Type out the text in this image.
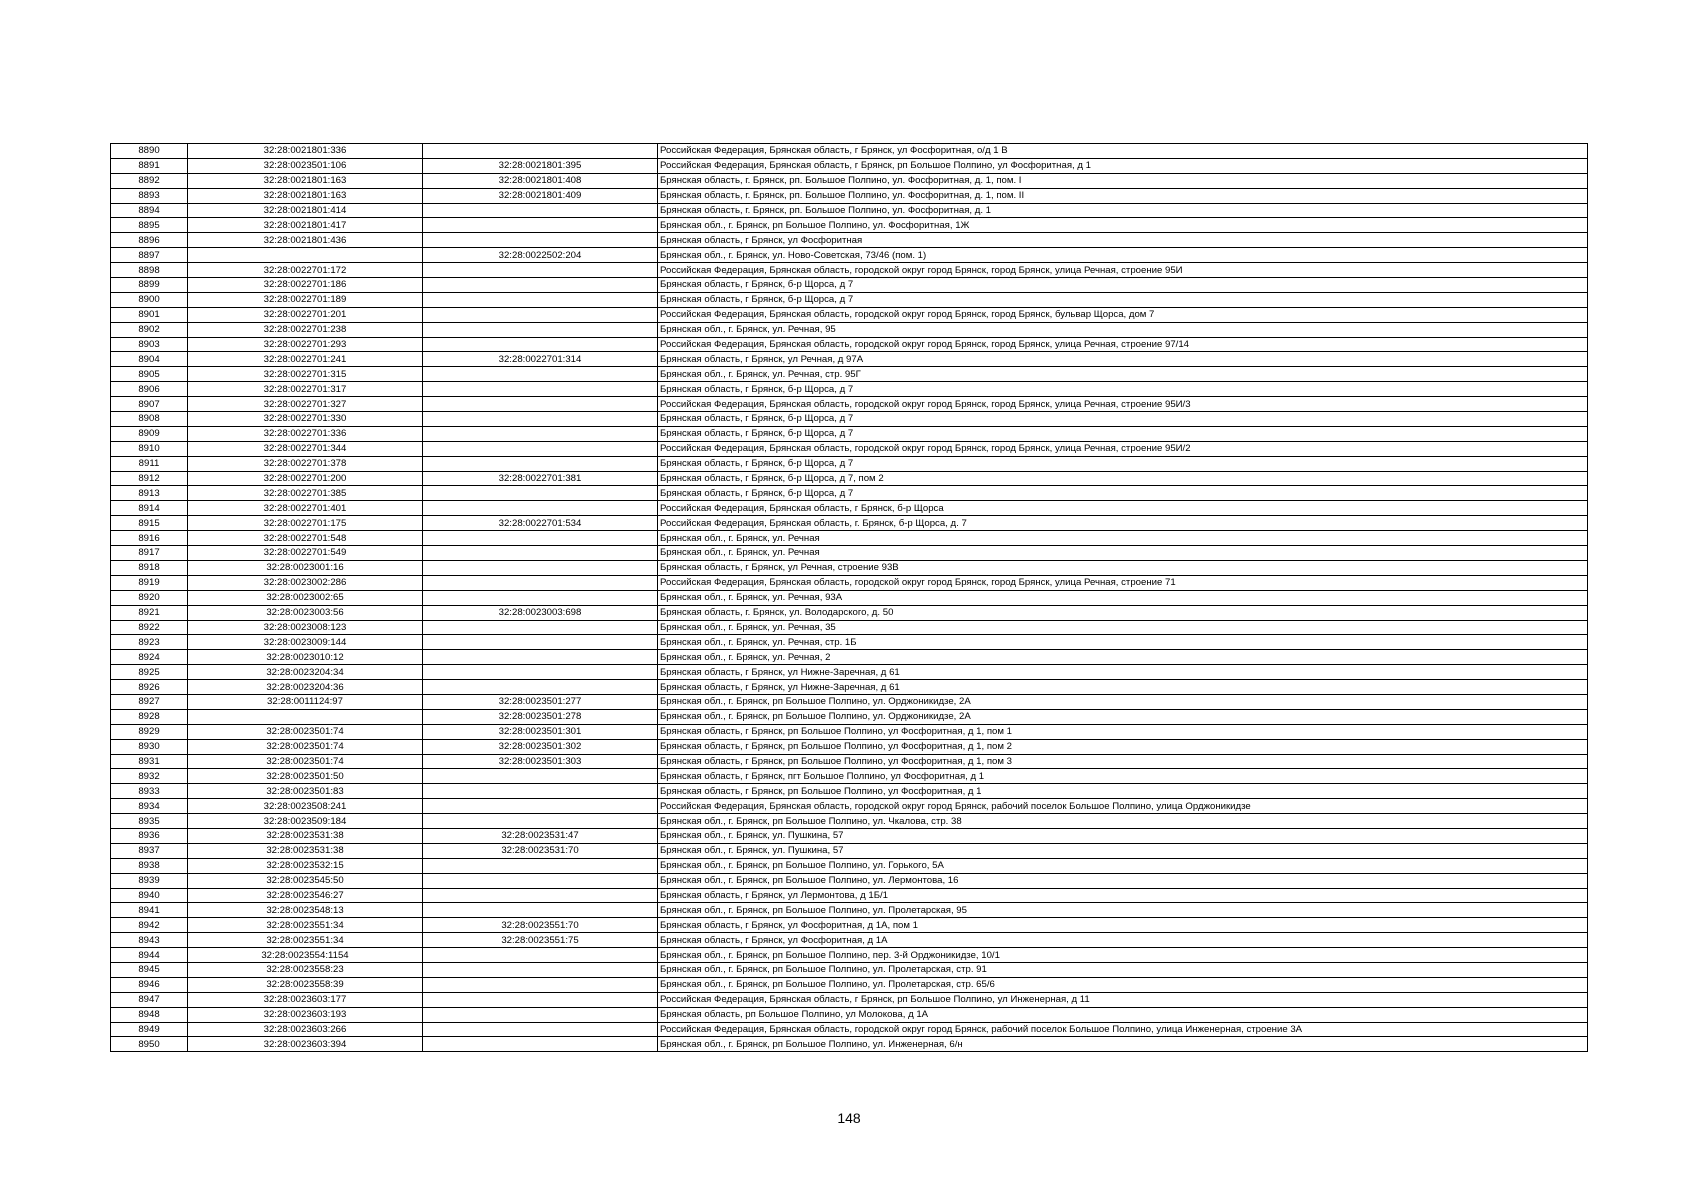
8890	32:28:0021801:336		Российская Федерация, Брянская область, г Брянск, ул Фосфоритная, о/д 1 В
8891	32:28:0023501:106	32:28:0021801:395	Российская Федерация, Брянская область, г Брянск, рп Большое Полпино, ул Фосфоритная, д 1
8892	32:28:0021801:163	32:28:0021801:408	Брянская область, г. Брянск, рп. Большое Полпино, ул. Фосфоритная, д. 1, пом. I
8893	32:28:0021801:163	32:28:0021801:409	Брянская область, г. Брянск, рп. Большое Полпино, ул. Фосфоритная, д. 1, пом. II
8894	32:28:0021801:414		Брянская область, г. Брянск, рп. Большое Полпино, ул. Фосфоритная, д. 1
8895	32:28:0021801:417		Брянская обл., г. Брянск, рп Большое Полпино, ул. Фосфоритная, 1Ж
8896	32:28:0021801:436		Брянская область, г Брянск, ул Фосфоритная
8897		32:28:0022502:204	Брянская обл., г. Брянск, ул. Ново-Советская, 73/46 (пом. 1)
8898	32:28:0022701:172		Российская Федерация, Брянская область, городской округ город Брянск, город Брянск, улица Речная, строение 95И
8899	32:28:0022701:186		Брянская область, г Брянск, б-р Щорса, д 7
8900	32:28:0022701:189		Брянская область, г Брянск, б-р Щорса, д 7
8901	32:28:0022701:201		Российская Федерация, Брянская область, городской округ город Брянск, город Брянск, бульвар Щорса, дом 7
8902	32:28:0022701:238		Брянская обл., г. Брянск, ул. Речная, 95
8903	32:28:0022701:293		Российская Федерация, Брянская область, городской округ город Брянск, город Брянск, улица Речная, строение 97/14
8904	32:28:0022701:241	32:28:0022701:314	Брянская область, г Брянск, ул Речная, д 97А
8905	32:28:0022701:315		Брянская обл., г. Брянск, ул. Речная, стр. 95Г
8906	32:28:0022701:317		Брянская область, г Брянск, б-р Щорса, д 7
8907	32:28:0022701:327		Российская Федерация, Брянская область, городской округ город Брянск, город Брянск, улица Речная, строение 95И/3
8908	32:28:0022701:330		Брянская область, г Брянск, б-р Щорса, д 7
8909	32:28:0022701:336		Брянская область, г Брянск, б-р Щорса, д 7
8910	32:28:0022701:344		Российская Федерация, Брянская область, городской округ город Брянск, город Брянск, улица Речная, строение 95И/2
8911	32:28:0022701:378		Брянская область, г Брянск, б-р Щорса, д 7
8912	32:28:0022701:200	32:28:0022701:381	Брянская область, г Брянск, б-р Щорса, д 7, пом 2
8913	32:28:0022701:385		Брянская область, г Брянск, б-р Щорса, д 7
8914	32:28:0022701:401		Российская Федерация, Брянская область, г Брянск, б-р Щорса
8915	32:28:0022701:175	32:28:0022701:534	Российская Федерация, Брянская область, г. Брянск, б-р Щорса, д. 7
8916	32:28:0022701:548		Брянская обл., г. Брянск, ул. Речная
8917	32:28:0022701:549		Брянская обл., г. Брянск, ул. Речная
8918	32:28:0023001:16		Брянская область, г Брянск, ул Речная, строение 93В
8919	32:28:0023002:286		Российская Федерация, Брянская область, городской округ город Брянск, город Брянск, улица Речная, строение 71
8920	32:28:0023002:65		Брянская обл., г. Брянск, ул. Речная, 93А
8921	32:28:0023003:56	32:28:0023003:698	Брянская область, г. Брянск, ул. Володарского, д. 50
8922	32:28:0023008:123		Брянская обл., г. Брянск, ул. Речная, 35
8923	32:28:0023009:144		Брянская обл., г. Брянск, ул. Речная, стр. 1Б
8924	32:28:0023010:12		Брянская обл., г. Брянск, ул. Речная, 2
8925	32:28:0023204:34		Брянская область, г Брянск, ул Нижне-Заречная, д 61
8926	32:28:0023204:36		Брянская область, г Брянск, ул Нижне-Заречная, д 61
8927	32:28:0011124:97	32:28:0023501:277	Брянская обл., г. Брянск, рп Большое Полпино, ул. Орджоникидзе, 2А
8928		32:28:0023501:278	Брянская обл., г. Брянск, рп Большое Полпино, ул. Орджоникидзе, 2А
8929	32:28:0023501:74	32:28:0023501:301	Брянская область, г Брянск, рп Большое Полпино, ул Фосфоритная, д 1, пом 1
8930	32:28:0023501:74	32:28:0023501:302	Брянская область, г Брянск, рп Большое Полпино, ул Фосфоритная, д 1, пом 2
8931	32:28:0023501:74	32:28:0023501:303	Брянская область, г Брянск, рп Большое Полпино, ул Фосфоритная, д 1, пом 3
8932	32:28:0023501:50		Брянская область, г Брянск, пгт Большое Полпино, ул Фосфоритная, д 1
8933	32:28:0023501:83		Брянская область, г Брянск, рп Большое Полпино, ул Фосфоритная, д 1
8934	32:28:0023508:241		Российская Федерация, Брянская область, городской округ город Брянск, рабочий поселок Большое Полпино, улица Орджоникидзе
8935	32:28:0023509:184		Брянская обл., г. Брянск, рп Большое Полпино, ул. Чкалова, стр. 38
8936	32:28:0023531:38	32:28:0023531:47	Брянская обл., г. Брянск, ул. Пушкина, 57
8937	32:28:0023531:38	32:28:0023531:70	Брянская обл., г. Брянск, ул. Пушкина, 57
8938	32:28:0023532:15		Брянская обл., г. Брянск, рп Большое Полпино, ул. Горького, 5А
8939	32:28:0023545:50		Брянская обл., г. Брянск, рп Большое Полпино, ул. Лермонтова, 16
8940	32:28:0023546:27		Брянская область, г Брянск, ул Лермонтова, д 1Б/1
8941	32:28:0023548:13		Брянская обл., г. Брянск, рп Большое Полпино, ул. Пролетарская, 95
8942	32:28:0023551:34	32:28:0023551:70	Брянская область, г Брянск, ул Фосфоритная, д 1А, пом 1
8943	32:28:0023551:34	32:28:0023551:75	Брянская область, г Брянск, ул Фосфоритная, д 1А
8944	32:28:0023554:1154		Брянская обл., г. Брянск, рп Большое Полпино, пер. 3-й Орджоникидзе, 10/1
8945	32:28:0023558:23		Брянская обл., г. Брянск, рп Большое Полпино, ул. Пролетарская, стр. 91
8946	32:28:0023558:39		Брянская обл., г. Брянск, рп Большое Полпино, ул. Пролетарская, стр. 65/6
8947	32:28:0023603:177		Российская Федерация, Брянская область, г Брянск, рп Большое Полпино, ул Инженерная, д 11
8948	32:28:0023603:193		Брянская область, рп Большое Полпино, ул Молокова, д 1А
8949	32:28:0023603:266		Российская Федерация, Брянская область, городской округ город Брянск, рабочий поселок Большое Полпино, улица Инженерная, строение 3А
8950	32:28:0023603:394		Брянская обл., г. Брянск, рп Большое Полпино, ул. Инженерная, 6/н
148
